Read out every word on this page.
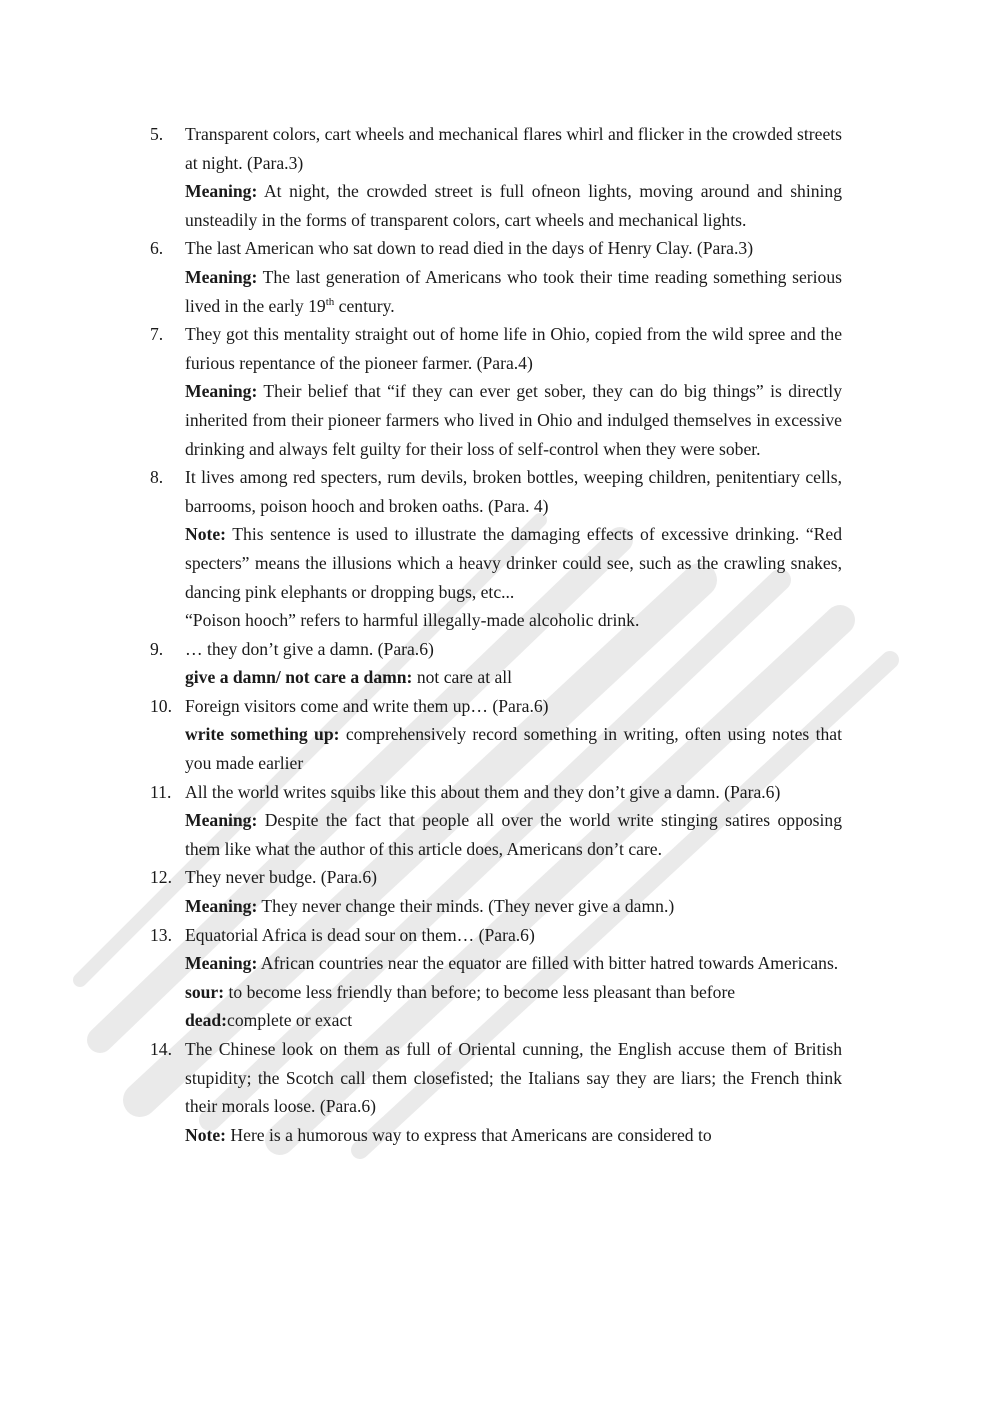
5.	Transparent colors, cart wheels and mechanical flares whirl and flicker in the crowded streets at night. (Para.3)
Meaning: At night, the crowded street is full ofneon lights, moving around and shining unsteadily in the forms of transparent colors, cart wheels and mechanical lights.
6.	The last American who sat down to read died in the days of Henry Clay. (Para.3)
Meaning: The last generation of Americans who took their time reading something serious lived in the early 19th century.
7.	They got this mentality straight out of home life in Ohio, copied from the wild spree and the furious repentance of the pioneer farmer. (Para.4)
Meaning: Their belief that “if they can ever get sober, they can do big things” is directly inherited from their pioneer farmers who lived in Ohio and indulged themselves in excessive drinking and always felt guilty for their loss of self-control when they were sober.
8.	It lives among red specters, rum devils, broken bottles, weeping children, penitentiary cells, barrooms, poison hooch and broken oaths. (Para. 4)
Note: This sentence is used to illustrate the damaging effects of excessive drinking. “Red specters” means the illusions which a heavy drinker could see, such as the crawling snakes, dancing pink elephants or dropping bugs, etc...
“Poison hooch” refers to harmful illegally-made alcoholic drink.
9.	… they don’t give a damn. (Para.6)
give a damn/ not care a damn: not care at all
10. Foreign visitors come and write them up… (Para.6)
write something up: comprehensively record something in writing, often using notes that you made earlier
11. All the world writes squibs like this about them and they don’t give a damn. (Para.6)
Meaning: Despite the fact that people all over the world write stinging satires opposing them like what the author of this article does, Americans don’t care.
12. They never budge. (Para.6)
Meaning: They never change their minds. (They never give a damn.)
13. Equatorial Africa is dead sour on them… (Para.6)
Meaning: African countries near the equator are filled with bitter hatred towards Americans.
sour: to become less friendly than before; to become less pleasant than before
dead:complete or exact
14. The Chinese look on them as full of Oriental cunning, the English accuse them of British stupidity; the Scotch call them closefisted; the Italians say they are liars; the French think their morals loose. (Para.6)
Note: Here is a humorous way to express that Americans are considered to
